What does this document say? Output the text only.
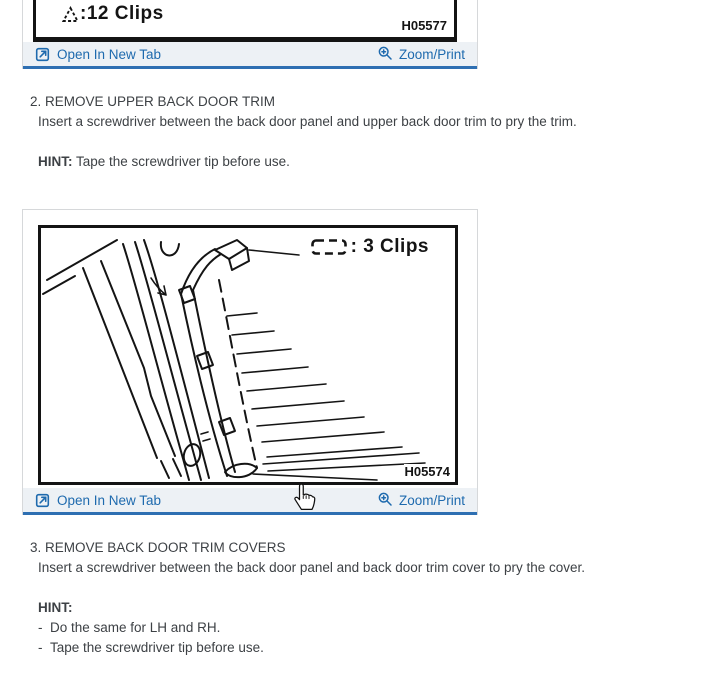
:12 Clips
H05577
Open In New Tab	Zoom/Print
2. REMOVE UPPER BACK DOOR TRIM
Insert a screwdriver between the back door panel and upper back door trim to pry the trim.
HINT: Tape the screwdriver tip before use.
: 3 Clips
H05574
Open In New Tab	Zoom/Print
3. REMOVE BACK DOOR TRIM COVERS
Insert a screwdriver between the back door panel and back door trim cover to pry the cover.
HINT:
- Do the same for LH and RH.
- Tape the screwdriver tip before use.
